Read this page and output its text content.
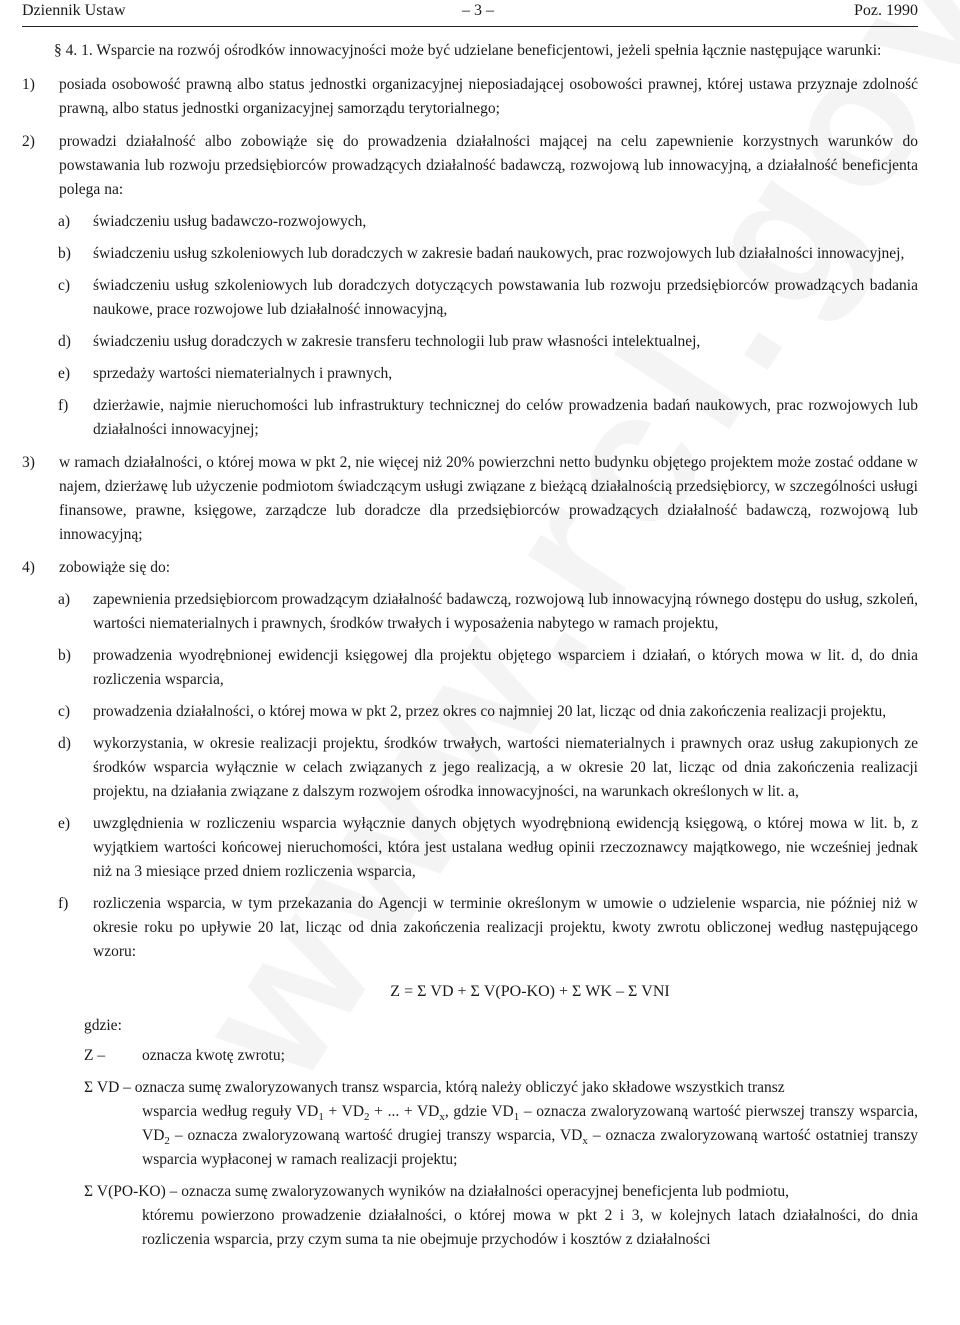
Dziennik Ustaw	– 3 –	Poz. 1990

§ 4. 1. Wsparcie na rozwój ośrodków innowacyjności może być udzielane beneficjentowi, jeżeli spełnia łącznie następujące warunki:

1) posiada osobowość prawną albo status jednostki organizacyjnej nieposiadającej osobowości prawnej, której ustawa przyznaje zdolność prawną, albo status jednostki organizacyjnej samorządu terytorialnego;
2) prowadzi działalność albo zobowiąże się do prowadzenia działalności mającej na celu zapewnienie korzystnych warunków do powstawania lub rozwoju przedsiębiorców prowadzących działalność badawczą, rozwojową lub innowacyjną, a działalność beneficjenta polega na:
a) świadczeniu usług badawczo-rozwojowych,
b) świadczeniu usług szkoleniowych lub doradczych w zakresie badań naukowych, prac rozwojowych lub działalności innowacyjnej,
c) świadczeniu usług szkoleniowych lub doradczych dotyczących powstawania lub rozwoju przedsiębiorców prowadzących badania naukowe, prace rozwojowe lub działalność innowacyjną,
d) świadczeniu usług doradczych w zakresie transferu technologii lub praw własności intelektualnej,
e) sprzedaży wartości niematerialnych i prawnych,
f) dzierżawie, najmie nieruchomości lub infrastruktury technicznej do celów prowadzenia badań naukowych, prac rozwojowych lub działalności innowacyjnej;
3) w ramach działalności, o której mowa w pkt 2, nie więcej niż 20% powierzchni netto budynku objętego projektem może zostać oddane w najem, dzierżawę lub użyczenie podmiotom świadczącym usługi związane z bieżącą działalnością przedsiębiorcy, w szczególności usługi finansowe, prawne, księgowe, zarządcze lub doradcze dla przedsiębiorców prowadzących działalność badawczą, rozwojową lub innowacyjną;
4) zobowiąże się do:
a) zapewnienia przedsiębiorcom prowadzącym działalność badawczą, rozwojową lub innowacyjną równego dostępu do usług, szkoleń, wartości niematerialnych i prawnych, środków trwałych i wyposażenia nabytego w ramach projektu,
b) prowadzenia wyodrębnionej ewidencji księgowej dla projektu objętego wsparciem i działań, o których mowa w lit. d, do dnia rozliczenia wsparcia,
c) prowadzenia działalności, o której mowa w pkt 2, przez okres co najmniej 20 lat, licząc od dnia zakończenia realizacji projektu,
d) wykorzystania, w okresie realizacji projektu, środków trwałych, wartości niematerialnych i prawnych oraz usług zakupionych ze środków wsparcia wyłącznie w celach związanych z jego realizacją, a w okresie 20 lat, licząc od dnia zakończenia realizacji projektu, na działania związane z dalszym rozwojem ośrodka innowacyjności, na warunkach określonych w lit. a,
e) uwzględnienia w rozliczeniu wsparcia wyłącznie danych objętych wyodrębnioną ewidencją księgową, o której mowa w lit. b, z wyjątkiem wartości końcowej nieruchomości, która jest ustalana według opinii rzeczoznawcy majątkowego, nie wcześniej jednak niż na 3 miesiące przed dniem rozliczenia wsparcia,
f) rozliczenia wsparcia, w tym przekazania do Agencji w terminie określonym w umowie o udzielenie wsparcia, nie później niż w okresie roku po upływie 20 lat, licząc od dnia zakończenia realizacji projektu, kwoty zwrotu obliczonej według następującego wzoru:
Z = Σ VD + Σ V(PO-KO) + Σ WK – Σ VNI
gdzie:
Z – oznacza kwotę zwrotu;
Σ VD – oznacza sumę zwaloryzowanych transz wsparcia, którą należy obliczyć jako składowe wszystkich transz
wsparcia według reguły $VD_1 + VD_2$ + ... + $VD_x$, gdzie $VD_1$ – oznacza zwaloryzowaną wartość pierwszej transzy wsparcia, $VD_2$ – oznacza zwaloryzowaną wartość drugiej transzy wsparcia, $VD_x$ – oznacza zwaloryzowaną wartość ostatniej transzy wsparcia wypłaconej w ramach realizacji projektu;
Σ V(PO-KO) – oznacza sumę zwaloryzowanych wyników na działalności operacyjnej beneficjenta lub podmiotu,
któremu powierzono prowadzenie działalności, o której mowa w pkt 2 i 3, w kolejnych latach działalności, do dnia rozliczenia wsparcia, przy czym suma ta nie obejmuje przychodów i kosztów z działalności
